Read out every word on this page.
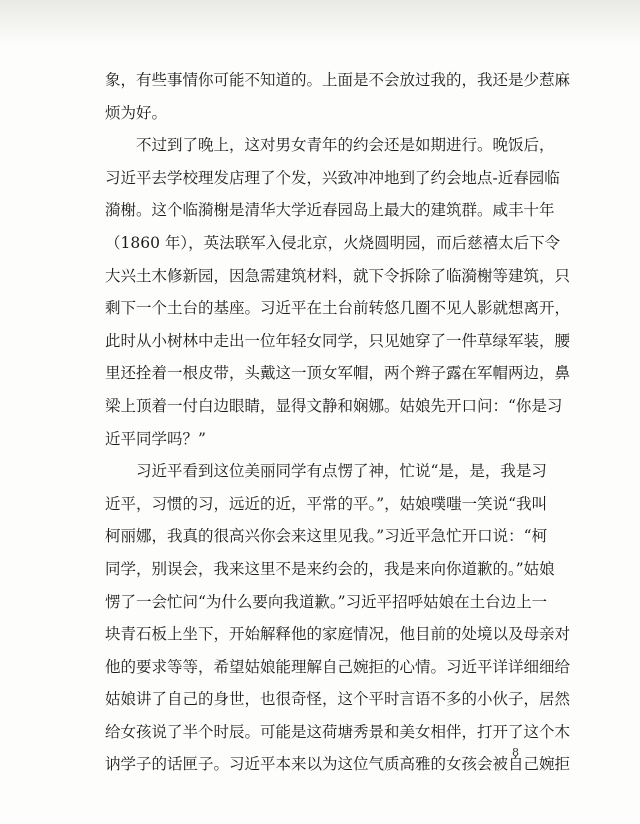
象，有些事情你可能不知道的。上面是不会放过我的，我还是少惹麻
烦为好。
不过到了晚上，这对男女青年的约会还是如期进行。晚饭后，
习近平去学校理发店理了个发，兴致冲冲地到了约会地点-近春园临
漪榭。这个临漪榭是清华大学近春园岛上最大的建筑群。咸丰十年
（1860 年），英法联军入侵北京，火烧圆明园，而后慈禧太后下令
大兴土木修新园，因急需建筑材料，就下令拆除了临漪榭等建筑，只
剩下一个土台的基座。习近平在土台前转悠几圈不见人影就想离开，
此时从小树林中走出一位年轻女同学，只见她穿了一件草绿军装，腰
里还拴着一根皮带，头戴这一顶女军帽，两个辫子露在军帽两边，鼻
梁上顶着一付白边眼睛，显得文静和娴娜。姑娘先开口问：“你是习
近平同学吗？”
习近平看到这位美丽同学有点愣了神，忙说“是，是，我是习
近平，习惯的习，远近的近，平常的平。”，姑娘噗嗤一笑说“我叫
柯丽娜，我真的很高兴你会来这里见我。”习近平急忙开口说：“柯
同学，别误会，我来这里不是来约会的，我是来向你道歉的。”姑娘
愣了一会忙问“为什么要向我道歉。”习近平招呼姑娘在土台边上一
块青石板上坐下，开始解释他的家庭情况，他目前的处境以及母亲对
他的要求等等，希望姑娘能理解自己婉拒的心情。习近平详详细细给
姑娘讲了自己的身世，也很奇怪，这个平时言语不多的小伙子，居然
给女孩说了半个时辰。可能是这荷塘秀景和美女相伴，打开了这个木
讷学子的话匣子。习近平本来以为这位气质高雅的女孩会被自己婉拒
8
